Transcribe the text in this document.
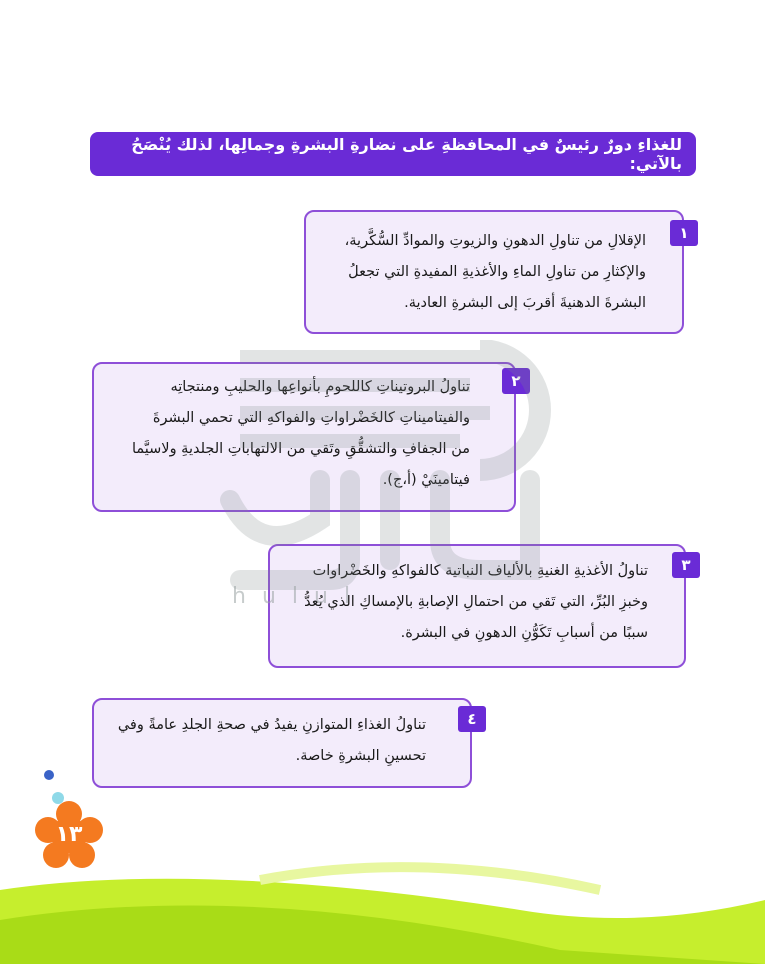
للغذاءِ دورٌ رئيسٌ في المحافظةِ على نضارةِ البشرةِ وجمالِها، لذلك يُنْصَحُ بالآتي:

الإقلالِ من تناولِ الدهونِ والزيوتِ والموادِّ السُّكَّرية،

والإكثارِ من تناولِ الماءِ والأغذيةِ المفيدةِ التي تجعلُ

البشرةَ الدهنيةَ أقربَ إلى البشرةِ العادية.

١

تناولُ البروتيناتِ كاللحومِ بأنواعِها والحليبِ ومنتجاتِه

والفيتاميناتِ كالخَضْراواتِ والفواكهِ التي تحمي البشرةَ

من الجفافِ والتشقُّقِ وتَقي من الالتهاباتِ الجلديةِ ولاسيَّما

فيتامينَيْ (أ،ج).

٢

تناولُ الأغذيةِ الغنيةِ بالألياف النباتية كالفواكهِ والخَضْراوات

وخبزِ البُرِّ، التي تَقي من احتمالِ الإصابةِ بالإمساكِ الذي يُعدُّ

سببًا من أسبابِ تَكَوُّنِ الدهونِ في البشرة.

٣

تناولُ الغذاءِ المتوازنِ يفيدُ في صحةِ الجلدِ عامةً وفي

تحسينِ البشرةِ خاصة.

٤
hulul
١٣
